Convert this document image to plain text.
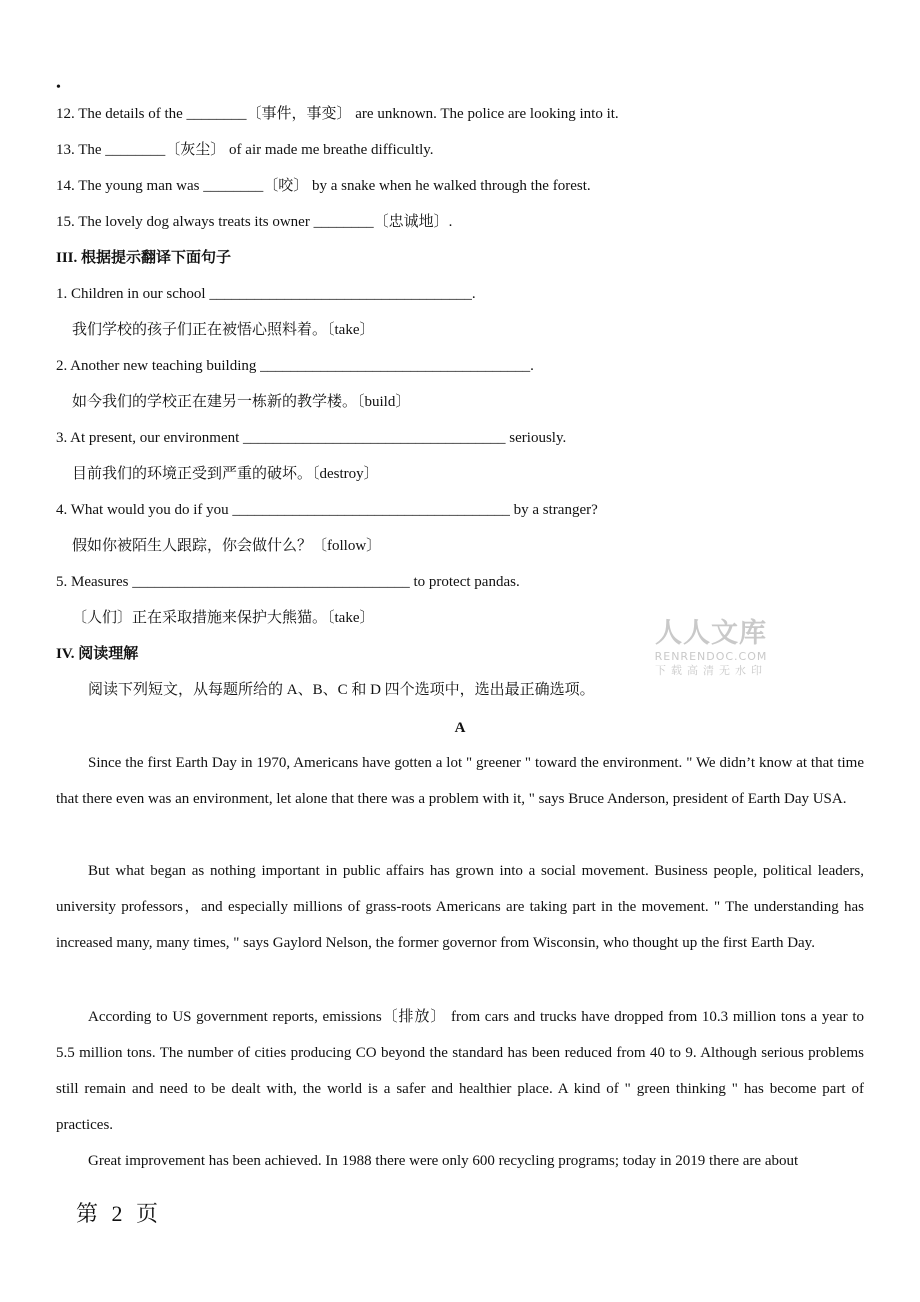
•
12. The details of the ________〔事件，事变〕 are unknown. The police are looking into it.
13. The ________〔灰尘〕 of air made me breathe difficultly.
14. The young man was ________〔咬〕 by a snake when he walked through the forest.
15. The lovely dog always treats its owner ________〔忠诚地〕.
III. 根据提示翻译下面句子
1. Children in our school ___________________________________.
我们学校的孩子们正在被悟心照料着。〔take〕
2. Another new teaching building ____________________________________.
如今我们的学校正在建另一栋新的教学楼。〔build〕
3. At present, our environment ___________________________________ seriously.
目前我们的环境正受到严重的破坏。〔destroy〕
4. What would you do if you _____________________________________ by a stranger?
假如你被陌生人跟踪，你会做什么？〔follow〕
5. Measures _____________________________________ to protect pandas.
〔人们〕正在采取措施来保护大熊猫。〔take〕
IV. 阅读理解
阅读下列短文，从每题所给的 A、B、C 和 D 四个选项中，选出最正确选项。
A
Since the first Earth Day in 1970, Americans have gotten a lot " greener " toward the environment. " We didn’t know at that time that there even was an environment, let alone that there was a problem with it, " says Bruce Anderson, president of Earth Day USA.
But what began as nothing important in public affairs has grown into a social movement. Business people, political leaders, university professors，and especially millions of grass-roots Americans are taking part in the movement. " The understanding has increased many, many times, " says Gaylord Nelson, the former governor from Wisconsin, who thought up the first Earth Day.
According to US government reports, emissions〔排放〕 from cars and trucks have dropped from 10.3 million tons a year to 5.5 million tons. The number of cities producing CO beyond the standard has been reduced from 40 to 9. Although serious problems still remain and need to be dealt with, the world is a safer and healthier place. A kind of " green thinking " has become part of practices.
Great improvement has been achieved. In 1988 there were only 600 recycling programs; today in 2019 there are about
人人文库
RENRENDOC.COM
下载高清无水印
第 2 页
